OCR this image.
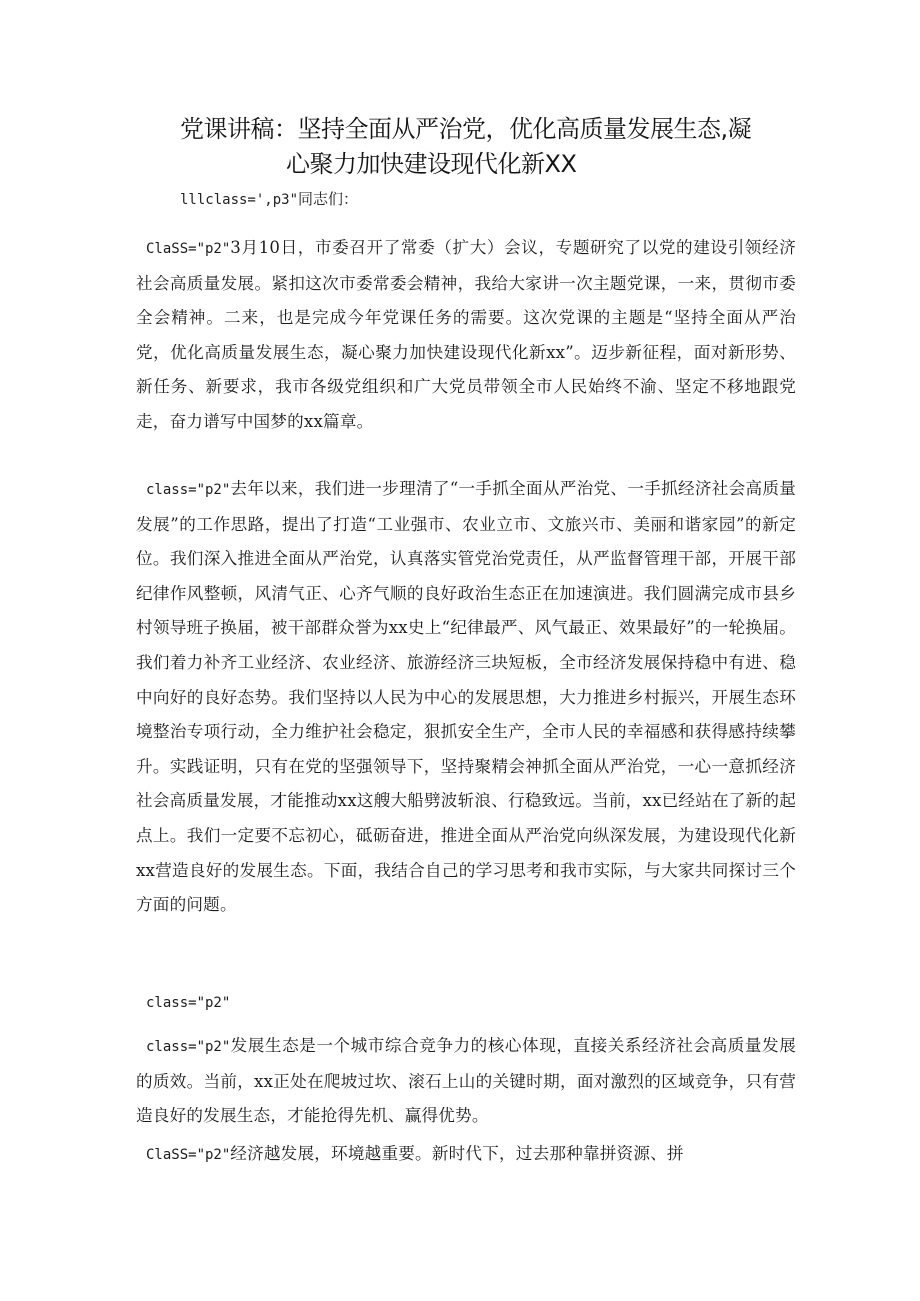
党课讲稿：坚持全面从严治党，优化高质量发展生态,凝
心聚力加快建设现代化新XX
lllclass='‚p3"同志们：

ClaSS="p2"3月10日，市委召开了常委（扩大）会议，专题研究了以党的建设引领经济社会高质量发展。紧扣这次市委常委会精神，我给大家讲一次主题党课，一来，贯彻市委全会精神。二来，也是完成今年党课任务的需要。这次党课的主题是“坚持全面从严治党，优化高质量发展生态，凝心聚力加快建设现代化新xx”。迈步新征程，面对新形势、新任务、新要求，我市各级党组织和广大党员带领全市人民始终不渝、坚定不移地跟党走，奋力谱写中国梦的xx篇章。

class="p2"去年以来，我们进一步理清了“一手抓全面从严治党、一手抓经济社会高质量发展”的工作思路，提出了打造“工业强市、农业立市、文旅兴市、美丽和谐家园”的新定位。我们深入推进全面从严治党，认真落实管党治党责任，从严监督管理干部，开展干部纪律作风整顿，风清气正、心齐气顺的良好政治生态正在加速演进。我们圆满完成市县乡村领导班子换届，被干部群众誉为xx史上“纪律最严、风气最正、效果最好”的一轮换届。我们着力补齐工业经济、农业经济、旅游经济三块短板，全市经济发展保持稳中有进、稳中向好的良好态势。我们坚持以人民为中心的发展思想，大力推进乡村振兴，开展生态环境整治专项行动，全力维护社会稳定，狠抓安全生产，全市人民的幸福感和获得感持续攀升。实践证明，只有在党的坚强领导下，坚持聚精会神抓全面从严治党，一心一意抓经济社会高质量发展，才能推动xx这艘大船劈波斩浪、行稳致远。当前，xx已经站在了新的起点上。我们一定要不忘初心，砥砺奋进，推进全面从严治党向纵深发展，为建设现代化新xx营造良好的发展生态。下面，我结合自己的学习思考和我市实际，与大家共同探讨三个方面的问题。

class="p2"

class="p2"发展生态是一个城市综合竞争力的核心体现，直接关系经济社会高质量发展的质效。当前，xx正处在爬坡过坎、滚石上山的关键时期，面对激烈的区域竞争，只有营造良好的发展生态，才能抢得先机、赢得优势。

ClaSS="p2"经济越发展，环境越重要。新时代下，过去那种靠拼资源、拼
